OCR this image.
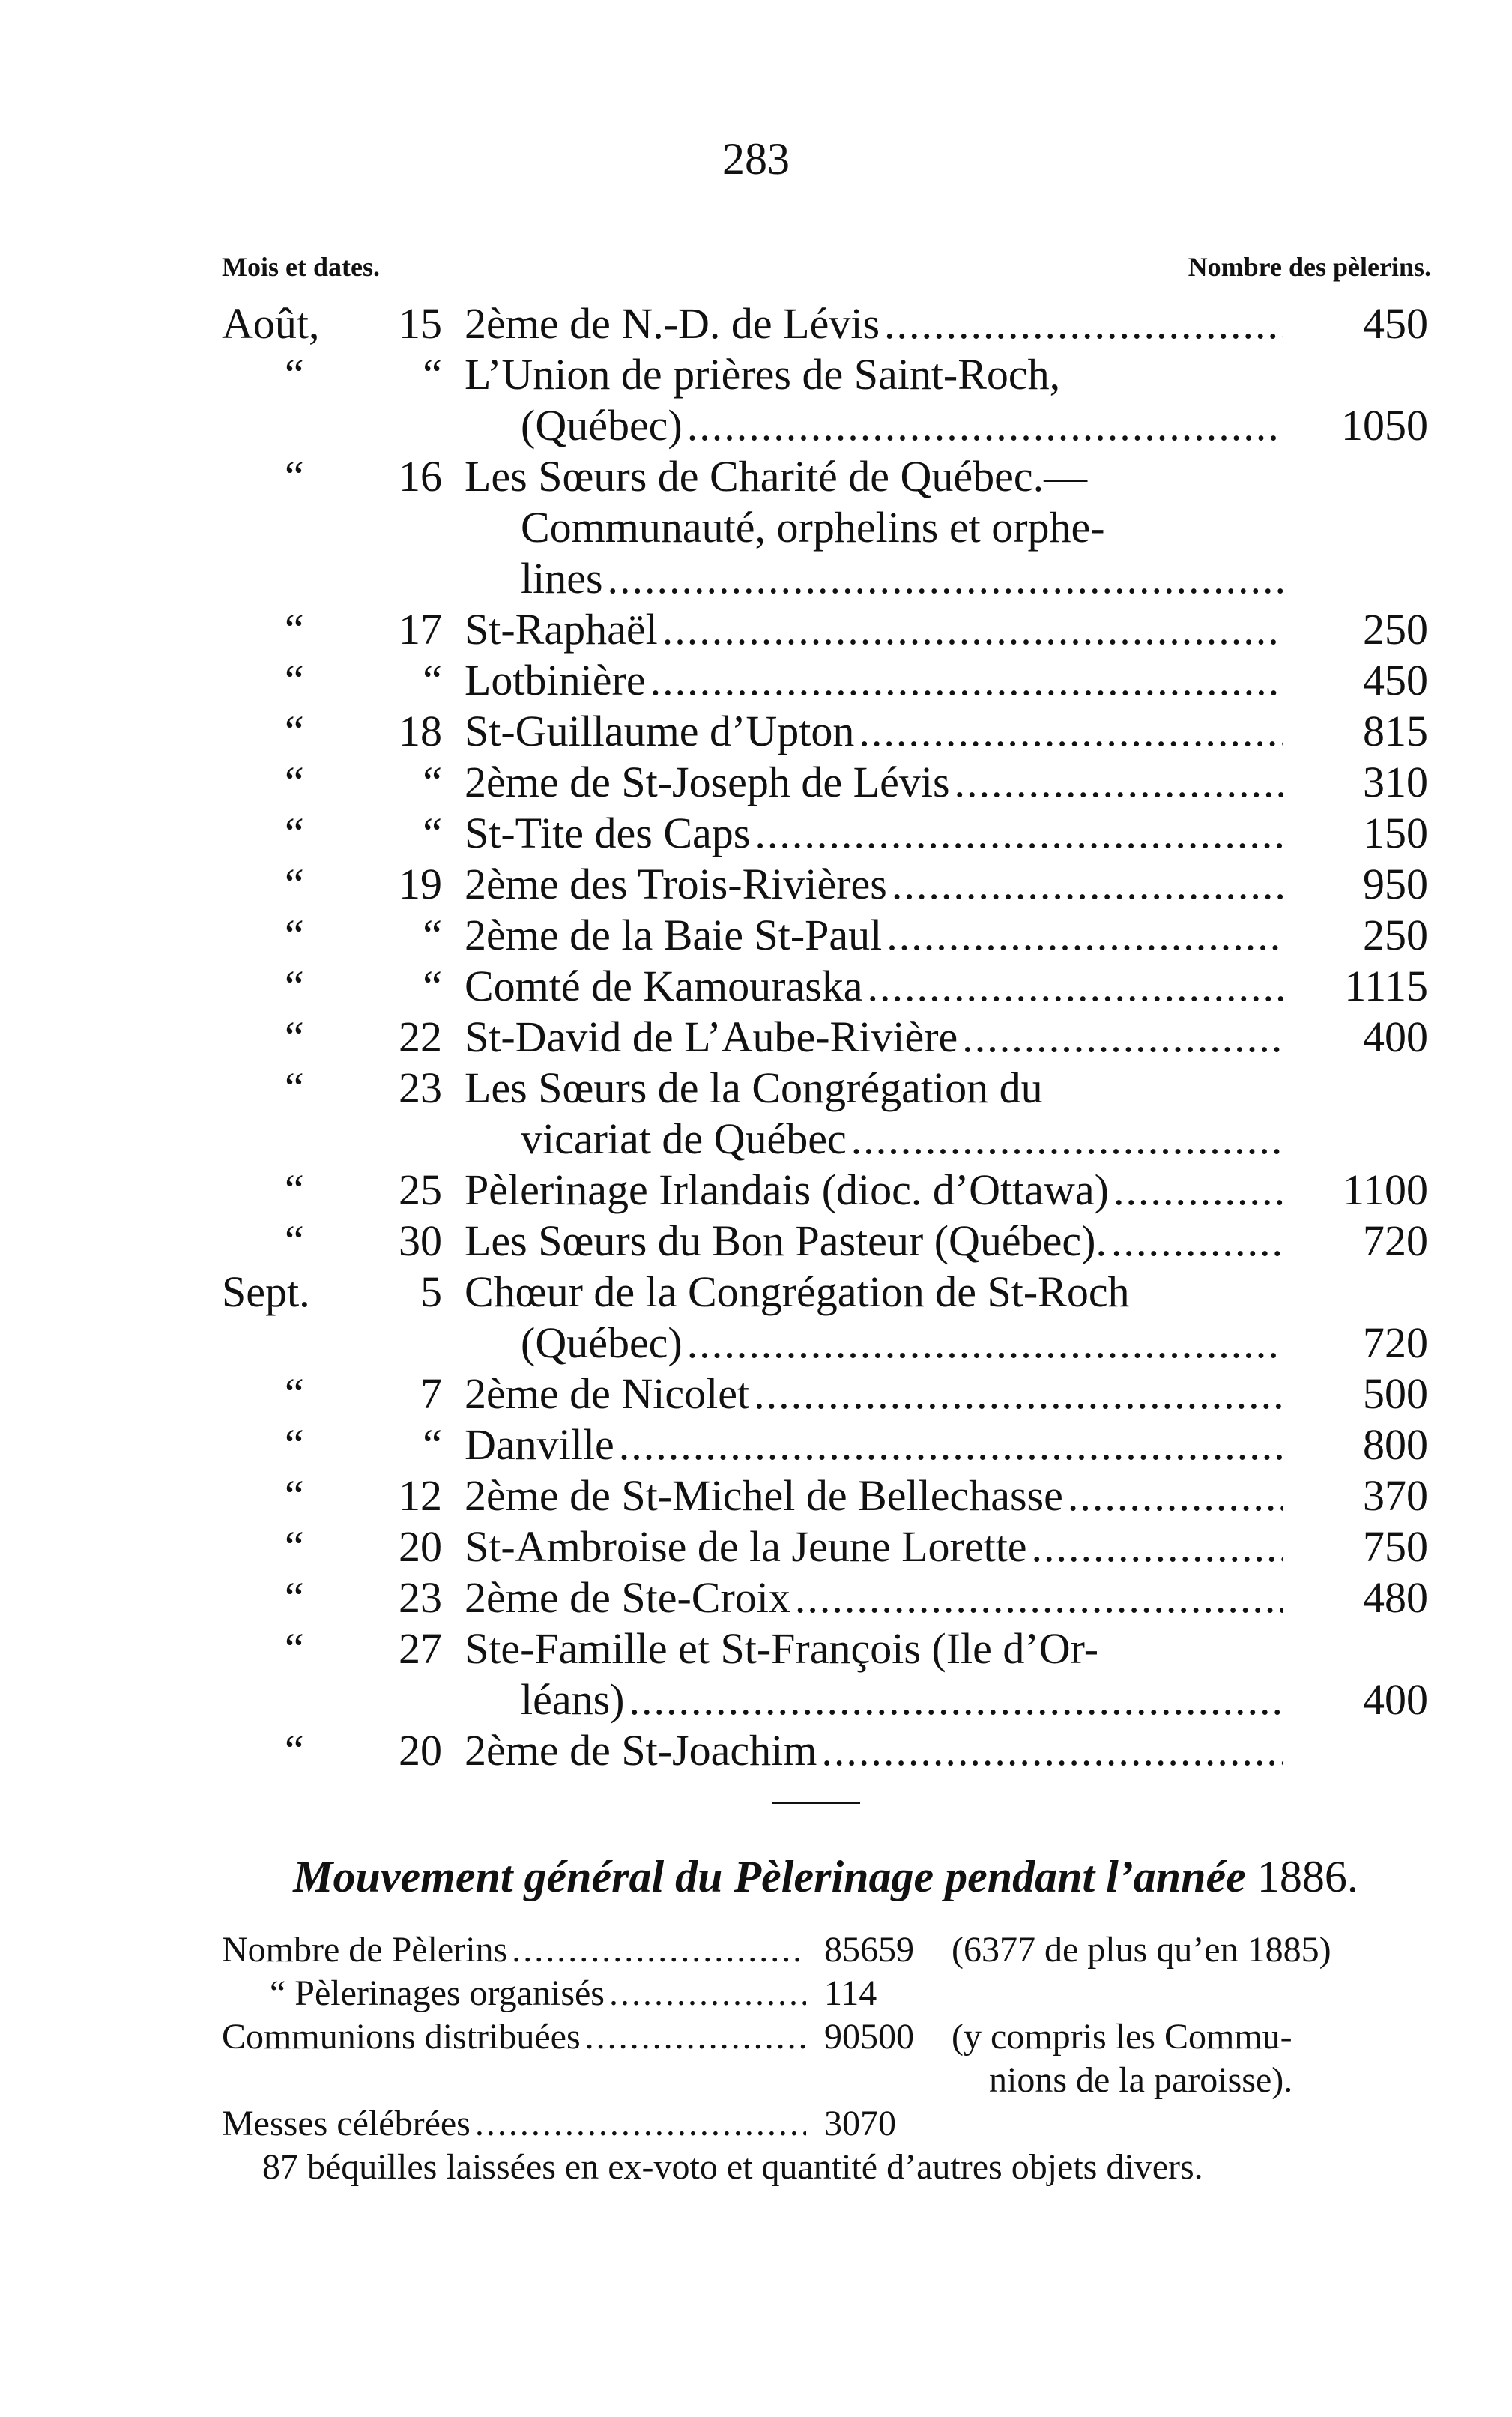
283
Mois et dates.	Nombre des pèlerins.
Août,	15 2ème de N.-D. de Lévis .....	450
“	“ L’Union de prières de Saint-Roch,
(Québec) .....	1050
“	16 Les Sœurs de Charité de Québec.—
Communauté, orphelins et orphe-
lines
.....
“	17 St-Raphaël .....	250
“	“ Lotbinière .....	450
“	18 St-Guillaume d’Upton .....	815
“	“ 2ème de St-Joseph de Lévis .....	310
“	“ St-Tite des Caps .....	150
“	19 2ème des Trois-Rivières .....	950
“	“ 2ème de la Baie St-Paul .....	250
“	“ Comté de Kamouraska .....	1115
“	22 St-David de L’Aube-Rivière .....	400
“	23 Les Sœurs de la Congrégation du
vicariat de Québec
.....
“	25 Pèlerinage Irlandais (dioc. d’Ottawa) .....	1100
“	30 Les Sœurs du Bon Pasteur (Québec). .....	720
Sept.	5 Chœur de la Congrégation de St-Roch
(Québec) .....	720
“	7 2ème de Nicolet .....	500
“	“ Danville .....	800
“	12 2ème de St-Michel de Bellechasse .....	370
“	20 St-Ambroise de la Jeune Lorette .....	750
“	23 2ème de Ste-Croix .....	480
“	27 Ste-Famille et St-François (Ile d’Or-
léans) .....	400
“	20 2ème de St-Joachim
.....
Mouvement général du Pèlerinage pendant l’année 1886.
Nombre de Pèlerins .....	85659 (6377 de plus qu’en 1885)
“ Pèlerinages organisés .....	114
Communions distribuées .....	90500 (y compris les Commu-
nions de la paroisse).
Messes célébrées .....	3070
87 béquilles laissées en ex-voto et quantité d’autres objets divers.
